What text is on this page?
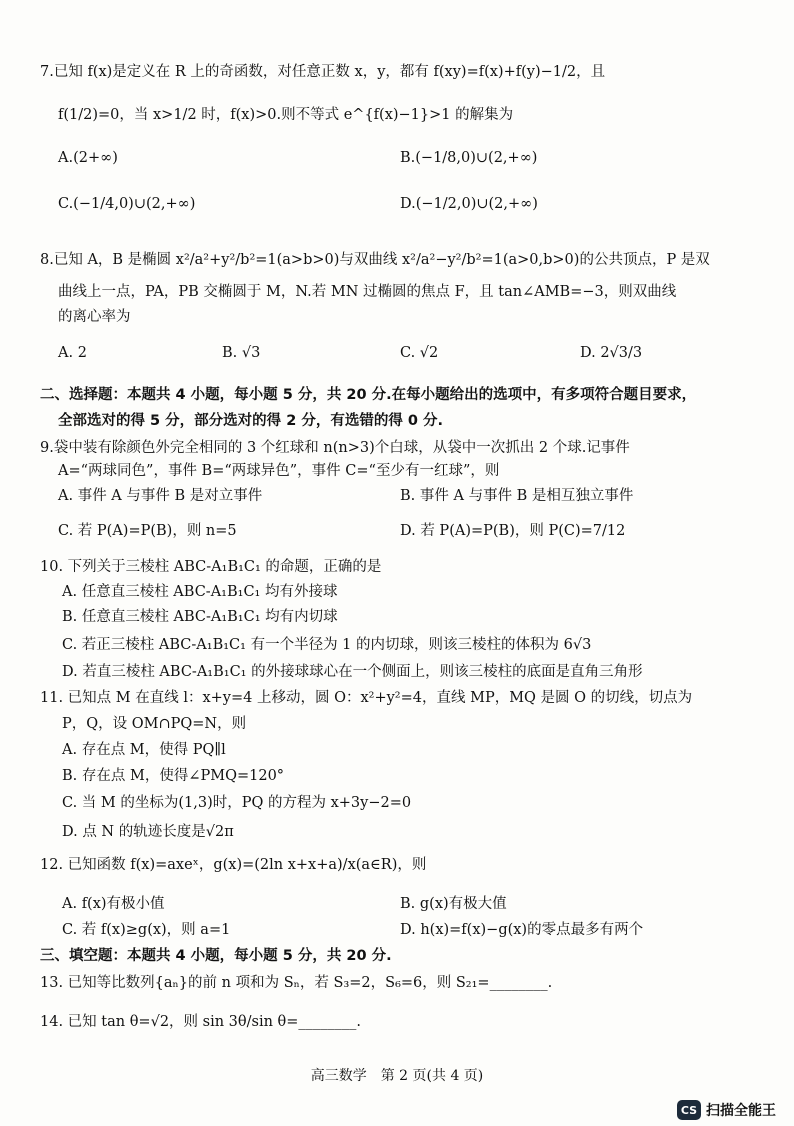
7.已知 f(x)是定义在 R 上的奇函数，对任意正数 x，y，都有 f(xy)=f(x)+f(y)−1/2，且
f(1/2)=0，当 x>1/2 时，f(x)>0.则不等式 e^{f(x)−1}>1 的解集为
A.(2+∞)	B.(−1/8,0)∪(2,+∞)
C.(−1/4,0)∪(2,+∞)	D.(−1/2,0)∪(2,+∞)
8.已知 A，B 是椭圆 x²/a²+y²/b²=1(a>b>0)与双曲线 x²/a²−y²/b²=1(a>0,b>0)的公共顶点，P 是双
曲线上一点，PA，PB 交椭圆于 M，N.若 MN 过椭圆的焦点 F，且 tan∠AMB=−3，则双曲线
的离心率为
A. 2	B. √3	C. √2	D. 2√3/3
二、选择题：本题共 4 小题，每小题 5 分，共 20 分.在每小题给出的选项中，有多项符合题目要求，
全部选对的得 5 分，部分选对的得 2 分，有选错的得 0 分.
9.袋中装有除颜色外完全相同的 3 个红球和 n(n>3)个白球，从袋中一次抓出 2 个球.记事件
A=“两球同色”，事件 B=“两球异色”，事件 C=“至少有一红球”，则
A. 事件 A 与事件 B 是对立事件	B. 事件 A 与事件 B 是相互独立事件
C. 若 P(A)=P(B)，则 n=5	D. 若 P(A)=P(B)，则 P(C)=7/12
10. 下列关于三棱柱 ABC-A₁B₁C₁ 的命题，正确的是
A. 任意直三棱柱 ABC-A₁B₁C₁ 均有外接球
B. 任意直三棱柱 ABC-A₁B₁C₁ 均有内切球
C. 若正三棱柱 ABC-A₁B₁C₁ 有一个半径为 1 的内切球，则该三棱柱的体积为 6√3
D. 若直三棱柱 ABC-A₁B₁C₁ 的外接球球心在一个侧面上，则该三棱柱的底面是直角三角形
11. 已知点 M 在直线 l：x+y=4 上移动，圆 O：x²+y²=4，直线 MP，MQ 是圆 O 的切线，切点为
P，Q，设 OM∩PQ=N，则
A. 存在点 M，使得 PQ∥l
B. 存在点 M，使得∠PMQ=120°
C. 当 M 的坐标为(1,3)时，PQ 的方程为 x+3y−2=0
D. 点 N 的轨迹长度是√2π
12. 已知函数 f(x)=axeˣ，g(x)=(2ln x+x+a)/x(a∈R)，则
A. f(x)有极小值	B. g(x)有极大值
C. 若 f(x)≥g(x)，则 a=1	D. h(x)=f(x)−g(x)的零点最多有两个
三、填空题：本题共 4 小题，每小题 5 分，共 20 分.
13. 已知等比数列{aₙ}的前 n 项和为 Sₙ，若 S₃=2，S₆=6，则 S₂₁=________.
14. 已知 tan θ=√2，则 sin 3θ/sin θ=________.
高三数学　第 2 页(共 4 页)
CS 扫描全能王
